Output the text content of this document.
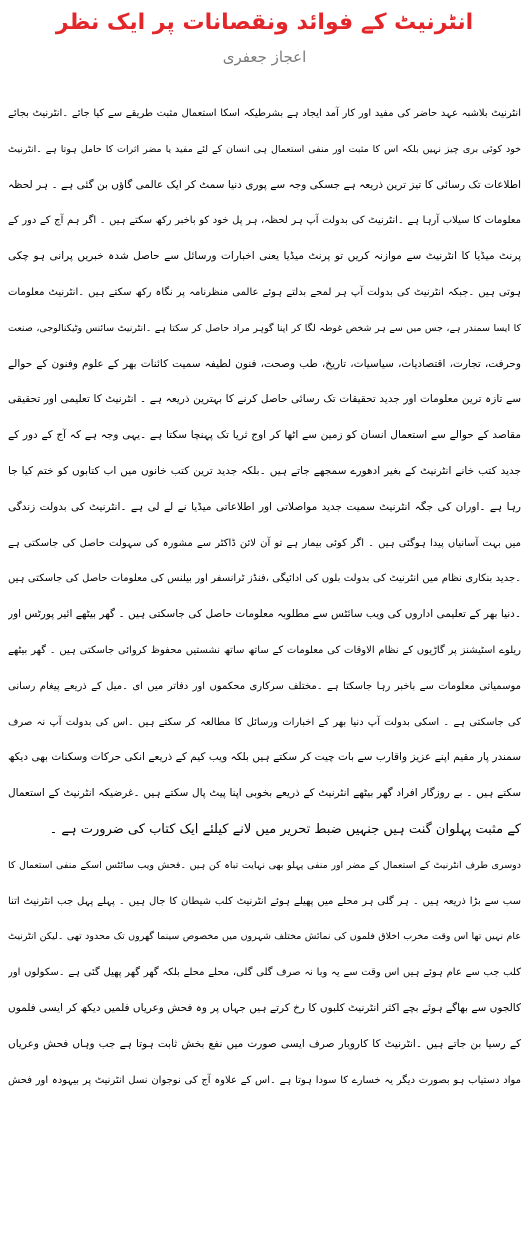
انٹرنیٹ کے فوائد ونقصانات پر ایک نظر
اعجاز جعفری
انٹرنیٹ بلاشبہ عہد حاضر کی مفید اور کار آمد ایجاد ہے بشرطیکہ اسکا استعمال مثبت طریقے سے کیا جائے ۔انٹرنیٹ بجائے
خود کوئی بری چیز نہیں بلکہ اس کا مثبت اور منفی استعمال ہی انسان کے لئے مفید یا مضر اثرات کا حامل ہوتا ہے ۔انٹرنیٹ
اطلاعات تک رسائی کا تیز ترین ذریعہ ہے جسکی وجہ سے پوری دنیا سمٹ کر ایک عالمی گاؤں بن گئی ہے ۔ ہر لحظہ
معلومات کا سیلاب آرہا ہے ۔انٹرنیٹ کی بدولت آپ ہر لحظہ، ہر پل خود کو باخبر رکھ سکتے ہیں ۔ اگر ہم آج کے دور کے
پرنٹ میڈیا کا انٹرنیٹ سے موازنہ کریں تو پرنٹ میڈیا یعنی اخبارات ورسائل سے حاصل شدہ خبریں پرانی ہو چکی
ہوتی ہیں ۔جبکہ انٹرنیٹ کی بدولت آپ ہر لمحے بدلتے ہوئے عالمی منظرنامہ پر نگاہ رکھ سکتے ہیں ۔انٹرنیٹ معلومات
کا ایسا سمندر ہے، جس میں سے ہر شخص غوطہ لگا کر اپنا گوہر مراد حاصل کر سکتا ہے ۔انٹرنیٹ سائنس وٹیکنالوجی، صنعت
وحرفت، تجارت، اقتصادیات، سیاسیات، تاریخ، طب وصحت، فنون لطیفہ سمیت کائنات بھر کے علوم وفنون کے حوالے
سے تازہ ترین معلومات اور جدید تحقیقات تک رسائی حاصل کرنے کا بہترین ذریعہ ہے ۔ انٹرنیٹ کا تعلیمی اور تحقیقی
مقاصد کے حوالے سے استعمال انسان کو زمین سے اٹھا کر اوج ثریا تک پہنچا سکتا ہے ۔یہی وجہ ہے کہ آج کے دور کے
جدید کتب خانے انٹرنیٹ کے بغیر ادھورے سمجھے جاتے ہیں ۔بلکہ جدید ترین کتب خانوں میں اب کتابوں کو ختم کیا جا
رہا ہے ۔اوران کی جگہ انٹرنیٹ سمیت جدید مواصلاتی اور اطلاعاتی میڈیا نے لے لی ہے ۔انٹرنیٹ کی بدولت زندگی
میں بہت آسانیاں پیدا ہوگئی ہیں ۔ اگر کوئی بیمار ہے تو آن لائن ڈاکٹر سے مشورہ کی سہولت حاصل کی جاسکتی ہے
۔جدید بنکاری نظام میں انٹرنیٹ کی بدولت بلوں کی ادائیگی ،فنڈز ٹرانسفر اور بیلنس کی معلومات حاصل کی جاسکتی ہیں
۔دنیا بھر کے تعلیمی اداروں کی ویب سائٹس سے مطلوبہ معلومات حاصل کی جاسکتی ہیں ۔ گھر بیٹھے ائیر پورٹس اور
ریلوے اسٹیشنز پر گاڑیوں کے نظام الاوقات کی معلومات کے ساتھ ساتھ نشستیں محفوظ کروائی جاسکتی ہیں ۔ گھر بیٹھے
موسمیاتی معلومات سے باخبر رہا جاسکتا ہے ۔مختلف سرکاری محکموں اور دفاتر میں ای ۔میل کے ذریعے پیغام رسانی
کی جاسکتی ہے ۔ اسکی بدولت آپ دنیا بھر کے اخبارات ورسائل کا مطالعہ کر سکتے ہیں ۔اس کی بدولت آپ نہ صرف
سمندر پار مقیم اپنے عزیز واقارب سے بات چیت کر سکتے ہیں بلکہ ویب کیم کے ذریعے انکی حرکات وسکنات بھی دیکھ
سکتے ہیں ۔ بے روزگار افراد گھر بیٹھے انٹرنیٹ کے ذریعے بخوبی اپنا پیٹ پال سکتے ہیں ۔غرضیکہ انٹرنیٹ کے استعمال
کے مثبت پہلوان گنت ہیں جنہیں ضبط تحریر میں لانے کیلئے ایک کتاب کی ضرورت ہے ۔
دوسری طرف انٹرنیٹ کے استعمال کے مضر اور منفی پہلو بھی نہایت تباہ کن ہیں ۔فحش ویب سائٹس اسکے منفی استعمال کا
سب سے بڑا ذریعہ ہیں ۔ ہر گلی ہر محلے میں پھیلے ہوئے انٹرنیٹ کلب شیطان کا جال ہیں ۔ پہلے پہل جب انٹرنیٹ اتنا
عام نہیں تھا اس وقت مخرب اخلاق فلموں کی نمائش مختلف شہروں میں مخصوص سینما گھروں تک محدود تھی ۔لیکن انٹرنیٹ
کلب جب سے عام ہوئے ہیں اس وقت سے یہ وبا نہ صرف گلی گلی، محلے محلے بلکہ گھر گھر پھیل گئی ہے ۔سکولوں اور
کالجوں سے بھاگے ہوئے بچے اکثر انٹرنیٹ کلبوں کا رخ کرتے ہیں جہاں پر وہ فحش وعریاں فلمیں دیکھ کر ایسی فلموں
کے رسیا بن جاتے ہیں ۔انٹرنیٹ کا کاروبار صرف ایسی صورت میں نفع بخش ثابت ہوتا ہے جب وہاں فحش وعریاں
مواد دستیاب ہو بصورت دیگر یہ خسارے کا سودا ہوتا ہے ۔اس کے علاوہ آج کی نوجوان نسل انٹرنیٹ پر بیہودہ اور فحش
